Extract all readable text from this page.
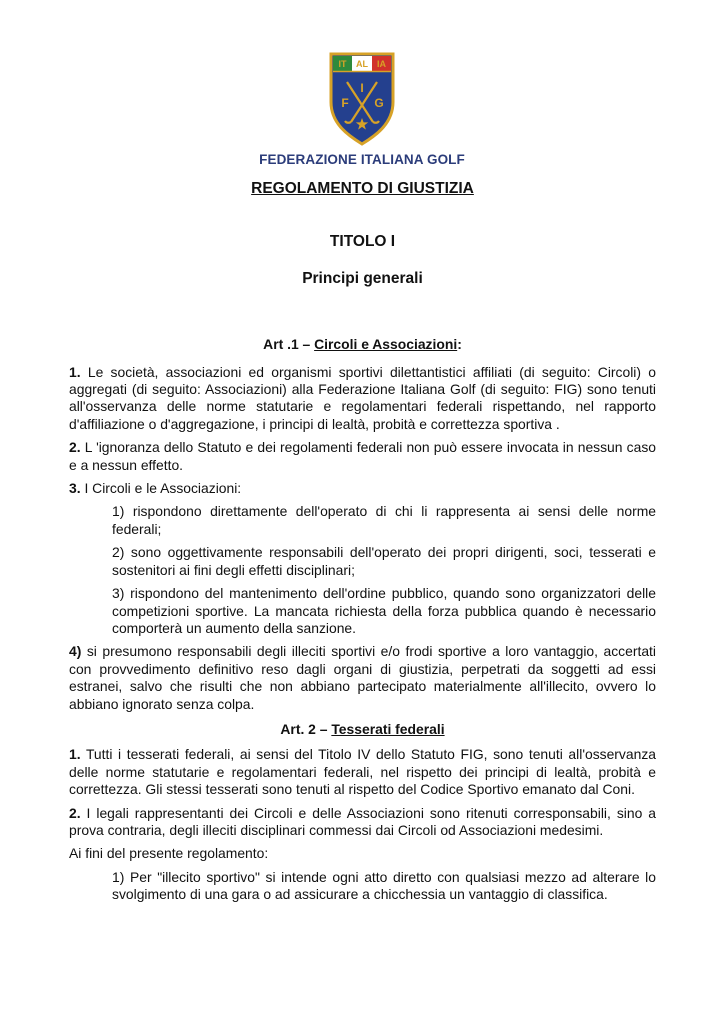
IT AL IA
I
F G
FEDERAZIONE ITALIANA GOLF
REGOLAMENTO DI GIUSTIZIA
TITOLO I
Principi generali
Art .1 – Circoli e Associazioni:

1. Le società, associazioni ed organismi sportivi dilettantistici affiliati (di seguito: Circoli) o aggregati (di seguito: Associazioni) alla Federazione Italiana Golf (di seguito: FIG) sono tenuti all'osservanza delle norme statutarie e regolamentari federali rispettando, nel rapporto d'affiliazione o d'aggregazione, i principi di lealtà, probità e correttezza sportiva .

2. L 'ignoranza dello Statuto e dei regolamenti federali non può essere invocata in nessun caso e a nessun effetto.

3. I Circoli e le Associazioni:

1) rispondono direttamente dell'operato di chi li rappresenta ai sensi delle norme federali;

2) sono oggettivamente responsabili dell'operato dei propri dirigenti, soci, tesserati e sostenitori ai fini degli effetti disciplinari;

3) rispondono del mantenimento dell'ordine pubblico, quando sono organizzatori delle competizioni sportive. La mancata richiesta della forza pubblica quando è necessario comporterà un aumento della sanzione.

4) si presumono responsabili degli illeciti sportivi e/o frodi sportive a loro vantaggio, accertati con provvedimento definitivo reso dagli organi di giustizia, perpetrati da soggetti ad essi estranei, salvo che risulti che non abbiano partecipato materialmente all'illecito, ovvero lo abbiano ignorato senza colpa.

Art. 2 – Tesserati federali

1. Tutti i tesserati federali, ai sensi del Titolo IV dello Statuto FIG, sono tenuti all'osservanza delle norme statutarie e regolamentari federali, nel rispetto dei principi di lealtà, probità e correttezza. Gli stessi tesserati sono tenuti al rispetto del Codice Sportivo emanato dal Coni.

2. I legali rappresentanti dei Circoli e delle Associazioni sono ritenuti corresponsabili, sino a prova contraria, degli illeciti disciplinari commessi dai Circoli od Associazioni medesimi.

Ai fini del presente regolamento:

1) Per "illecito sportivo" si intende ogni atto diretto con qualsiasi mezzo ad alterare lo svolgimento di una gara o ad assicurare a chicchessia un vantaggio di classifica.
